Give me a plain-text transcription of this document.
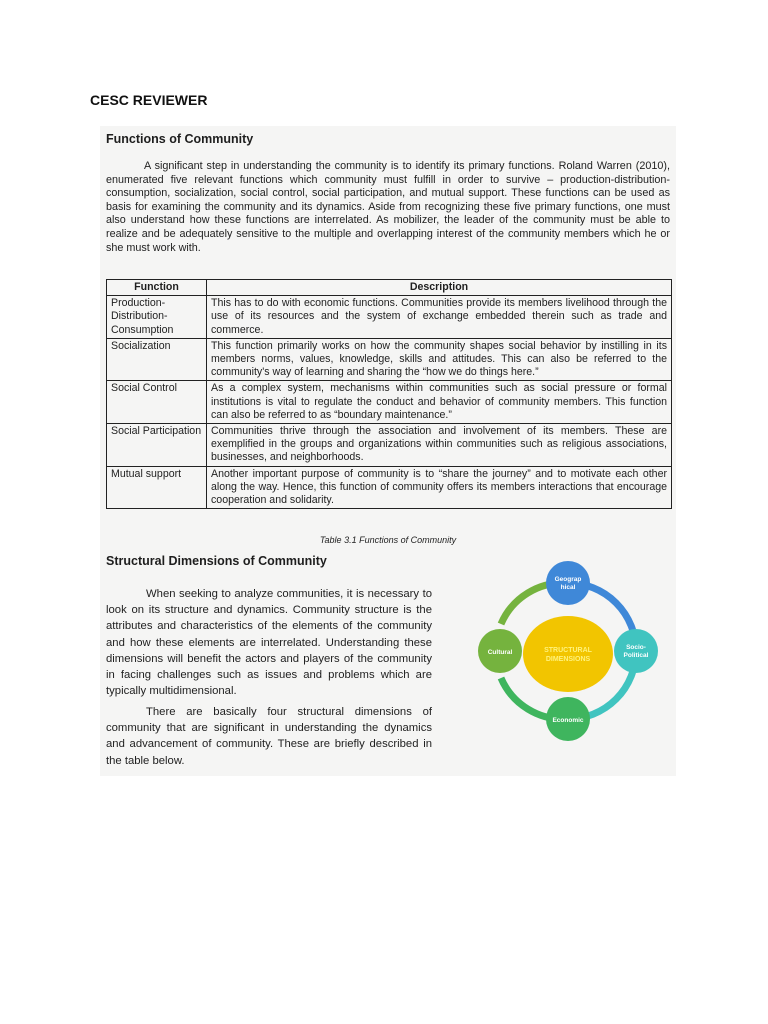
CESC REVIEWER
Functions of Community

A significant step in understanding the community is to identify its primary functions. Roland Warren (2010), enumerated five relevant functions which community must fulfill in order to survive – production-distribution-consumption, socialization, social control, social participation, and mutual support. These functions can be used as basis for examining the community and its dynamics. Aside from recognizing these five primary functions, one must also understand how these functions are interrelated. As mobilizer, the leader of the community must be able to realize and be adequately sensitive to the multiple and overlapping interest of the community members which he or she must work with.

Function	Description
Production-Distribution-Consumption	This has to do with economic functions. Communities provide its members livelihood through the use of its resources and the system of exchange embedded therein such as trade and commerce.
Socialization	This function primarily works on how the community shapes social behavior by instilling in its members norms, values, knowledge, skills and attitudes. This can also be referred to the community's way of learning and sharing the “how we do things here.”
Social Control	As a complex system, mechanisms within communities such as social pressure or formal institutions is vital to regulate the conduct and behavior of community members. This function can also be referred to as “boundary maintenance.”
Social Participation	Communities thrive through the association and involvement of its members. These are exemplified in the groups and organizations within communities such as religious associations, businesses, and neighborhoods.
Mutual support	Another important purpose of community is to “share the journey” and to motivate each other along the way. Hence, this function of community offers its members interactions that encourage cooperation and solidarity.
Table 3.1 Functions of Community
Structural Dimensions of Community

When seeking to analyze communities, it is necessary to look on its structure and dynamics. Community structure is the attributes and characteristics of the elements of the community and how these elements are interrelated. Understanding these dimensions will benefit the actors and players of the community in facing challenges such as issues and problems which are typically multidimensional.

There are basically four structural dimensions of community that are significant in understanding the dynamics and advancement of community. These are briefly described in the table below.

STRUCTURAL
DIMENSIONS
Geograp
hical
Socio-
Political
Economic
Cultural
